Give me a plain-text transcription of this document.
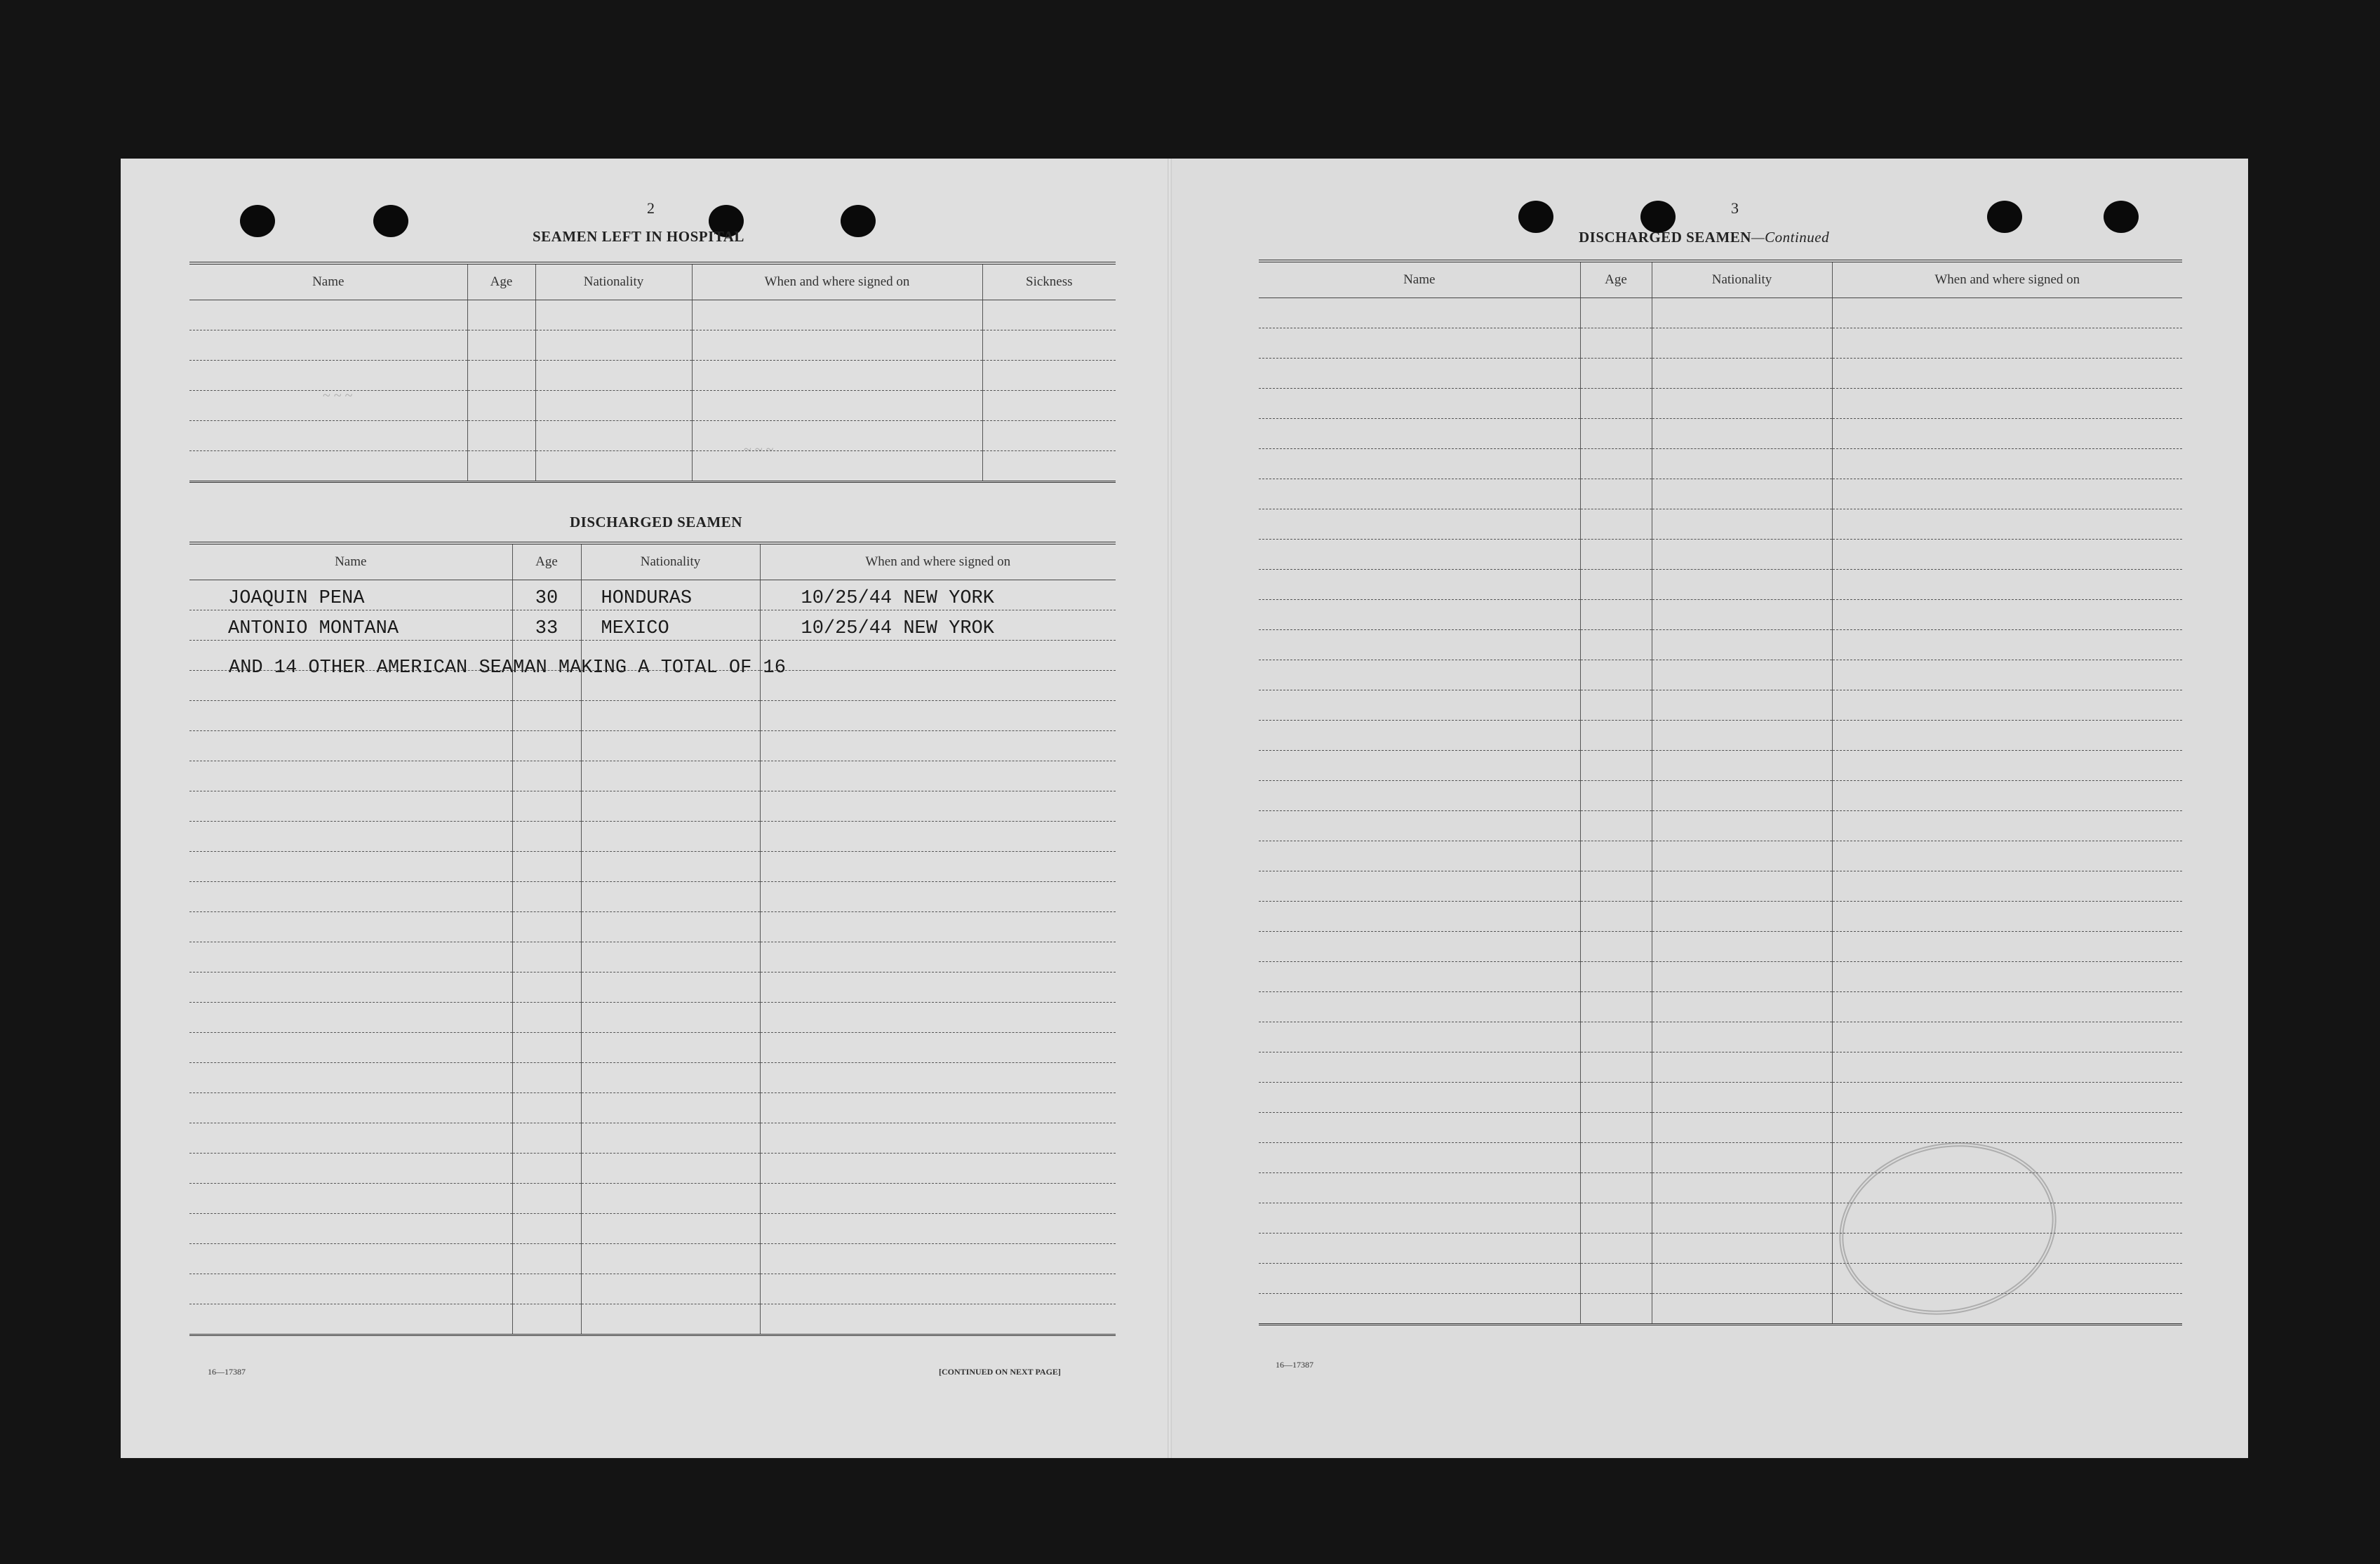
2
SEAMEN LEFT IN HOSPITAL
Name	Age	Nationality	When and where signed on	Sickness

DISCHARGED SEAMEN
Name	Age	Nationality	When and where signed on
JOAQUIN PENA	30	HONDURAS	10/25/44 NEW YORK
ANTONIO MONTANA	33	MEXICO	10/25/44 NEW YROK

AND 14 OTHER AMERICAN SEAMAN MAKING A TOTAL OF 16
16—17387	[CONTINUED ON NEXT PAGE]
3
DISCHARGED SEAMEN—Continued
Name	Age	Nationality	When and where signed on

16—17387
~ ~ ~
~ ~ ~
